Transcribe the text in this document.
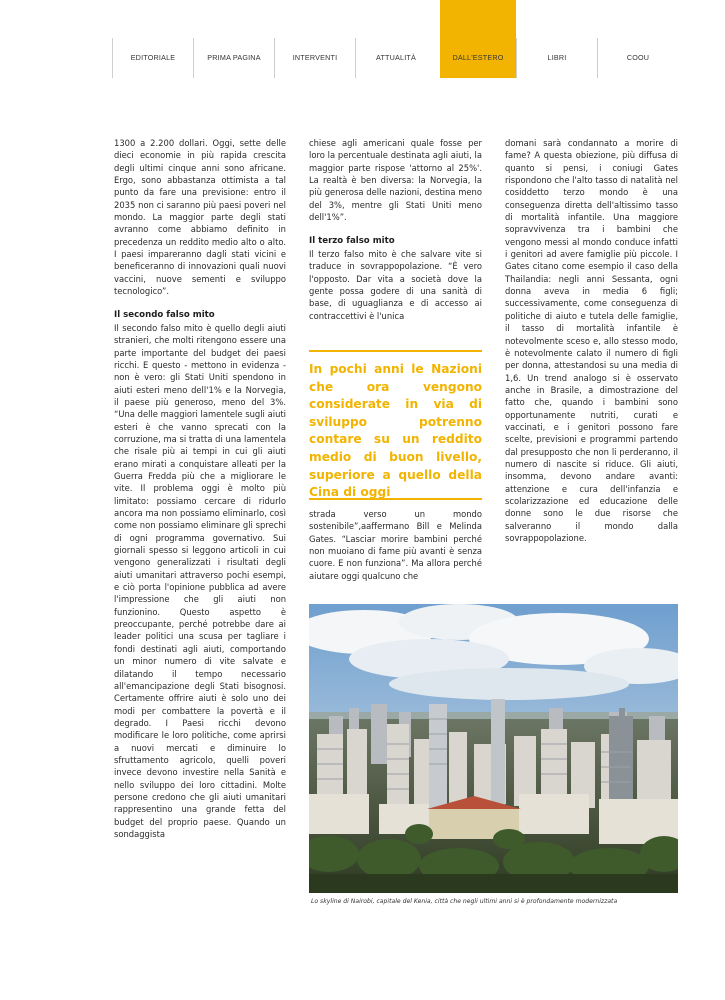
EDITORIALE	PRIMA PAGINA	INTERVENTI	ATTUALITÀ	DALL'ESTERO	LIBRI	COOU

1300 a 2.200 dollari. Oggi, sette delle dieci economie in più rapida crescita degli ultimi cinque anni sono africane. Ergo, sono abbastanza ottimista a tal punto da fare una previsione: entro il 2035 non ci saranno più paesi poveri nel mondo. La maggior parte degli stati avranno come abbiamo definito in precedenza un reddito medio alto o alto. I paesi impareranno dagli stati vicini e beneficeranno di innovazioni quali nuovi vaccini, nuove sementi e sviluppo tecnologico”.

Il secondo falso mito

Il secondo falso mito è quello degli aiuti stranieri, che molti ritengono essere una parte importante del budget dei paesi ricchi. E questo - mettono in evidenza - non è vero: gli Stati Uniti spendono in aiuti esteri meno dell'1% e la Norvegia, il paese più generoso, meno del 3%. “Una delle maggiori lamentele sugli aiuti esteri è che vanno sprecati con la corruzione, ma si tratta di una lamentela che risale più ai tempi in cui gli aiuti erano mirati a conquistare alleati per la Guerra Fredda più che a migliorare le vite. Il problema oggi è molto più limitato: possiamo cercare di ridurlo ancora ma non possiamo eliminarlo, così come non possiamo eliminare gli sprechi di ogni programma governativo. Sui giornali spesso si leggono articoli in cui vengono generalizzati i risultati degli aiuti umanitari attraverso pochi esempi, e ciò porta l'opinione pubblica ad avere l'impressione che gli aiuti non funzionino. Questo aspetto è preoccupante, perché potrebbe dare ai leader politici una scusa per tagliare i fondi destinati agli aiuti, comportando un minor numero di vite salvate e dilatando il tempo necessario all'emancipazione degli Stati bisognosi. Certamente offrire aiuti è solo uno dei modi per combattere la povertà e il degrado. I Paesi ricchi devono modificare le loro politiche, come aprirsi a nuovi mercati e diminuire lo sfruttamento agricolo, quelli poveri invece devono investire nella Sanità e nello sviluppo dei loro cittadini. Molte persone credono che gli aiuti umanitari rappresentino una grande fetta del budget del proprio paese. Quando un sondaggista

chiese agli americani quale fosse per loro la percentuale destinata agli aiuti, la maggior parte rispose 'attorno al 25%'. La realtà è ben diversa: la Norvegia, la più generosa delle nazioni, destina meno del 3%, mentre gli Stati Uniti meno dell'1%”.

Il terzo falso mito

Il terzo falso mito è che salvare vite si traduce in sovrappopolazione. “È vero l'opposto. Dar vita a società dove la gente possa godere di una sanità di base, di uguaglianza e di accesso ai contraccettivi è l'unica

In pochi anni le Nazioni che ora vengono considerate in via di sviluppo potrenno contare su un reddito medio di buon livello, superiore a quello della Cina di oggi

strada verso un mondo sostenibile”,aaffermano Bill e Melinda Gates. “Lasciar morire bambini perché non muoiano di fame più avanti è senza cuore. E non funziona”. Ma allora perché aiutare oggi qualcuno che

domani sarà condannato a morire di fame? A questa obiezione, più diffusa di quanto si pensi, i coniugi Gates rispondono che l'alto tasso di natalità nel cosiddetto terzo mondo è una conseguenza diretta dell'altissimo tasso di mortalità infantile. Una maggiore sopravvivenza tra i bambini che vengono messi al mondo conduce infatti i genitori ad avere famiglie più piccole. I Gates citano come esempio il caso della Thailandia: negli anni Sessanta, ogni donna aveva in media 6 figli; successivamente, come conseguenza di politiche di aiuto e tutela delle famiglie, il tasso di mortalità infantile è notevolmente sceso e, allo stesso modo, è notevolmente calato il numero di figli per donna, attestandosi su una media di 1,6. Un trend analogo si è osservato anche in Brasile, a dimostrazione del fatto che, quando i bambini sono opportunamente nutriti, curati e vaccinati, e i genitori possono fare scelte, previsioni e programmi partendo dal presupposto che non li perderanno, il numero di nascite si riduce. Gli aiuti, insomma, devono andare avanti: attenzione e cura dell'infanzia e scolarizzazione ed educazione delle donne sono le due risorse che salveranno il mondo dalla sovrappopolazione.

Lo skyline di Nairobi, capitale del Kenia, città che negli ultimi anni si è profondamente modernizzata
